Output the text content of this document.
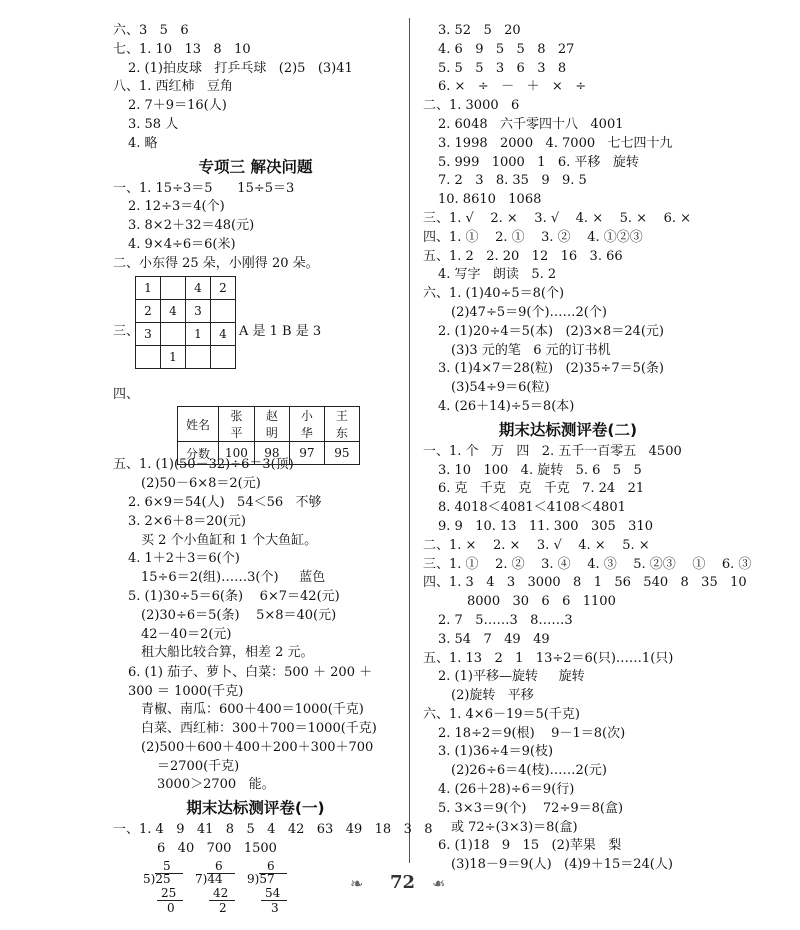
六、3   5   6
七、1. 10   13   8   10
2. (1)拍皮球   打乒乓球   (2)5   (3)41
八、1. 西红柿   豆角
2. 7＋9＝16(人)
3. 58 人
4. 略
专项三 解决问题
一、1. 15÷3＝5      15÷5＝3
2. 12÷3＝4(个)
3. 8×2＋32＝48(元)
4. 9×4÷6＝6(米)
二、小东得 25 朵，小刚得 20 朵。
三、
1		4	2
2	4	3	
3		1	4
	1		
A 是 1 B 是 3
四、
姓名	张平	赵明	小华	王东
分数	100	98	97	95
五、1. (1)(50－32)÷6＝3(顶)
(2)50－6×8＝2(元)
2. 6×9＝54(人)   54＜56   不够
3. 2×6＋8＝20(元)
买 2 个小鱼缸和 1 个大鱼缸。
4. 1＋2＋3＝6(个)
15÷6＝2(组)……3(个)     蓝色
5. (1)30÷5＝6(条)    6×7＝42(元)
(2)30÷6＝5(条)    5×8＝40(元)
42－40＝2(元)
租大船比较合算，相差 2 元。
6. (1) 茄子、萝卜、白菜：500 ＋ 200 ＋ 300 ＝ 1000(千克)
青椒、南瓜：600＋400＝1000(千克)
白菜、西红柿：300＋700＝1000(千克)
(2)500＋600＋400＋200＋300＋700
＝2700(千克)
3000＞2700   能。
期末达标测评卷(一)
一、1. 4   9   41   8   5   4   42   63   49   18   3   8
6   40   700   1500
5
5)25
25
0
6
7)44
42
2
6
9)57
54
3
3. 52   5   20
4. 6   9   5   5   8   27
5. 5   5   3   6   3   8
6. ×   ÷   －   ＋   ×   ÷
二、1. 3000   6
2. 6048   六千零四十八   4001
3. 1998   2000   4. 7000   七七四十九
5. 999   1000   1   6. 平移   旋转
7. 2   3   8. 35   9   9. 5
10. 8610   1068
三、1. √    2. ×    3. √    4. ×    5. ×    6. ×
四、1. ①    2. ①    3. ②    4. ①②③
五、1. 2   2. 20   12   16   3. 66
4. 写字   朗读   5. 2
六、1. (1)40÷5＝8(个)
(2)47÷5＝9(个)……2(个)
2. (1)20÷4＝5(本)   (2)3×8＝24(元)
(3)3 元的笔   6 元的订书机
3. (1)4×7＝28(粒)   (2)35÷7＝5(条)
(3)54÷9＝6(粒)
4. (26＋14)÷5＝8(本)
期末达标测评卷(二)
一、1. 个   万   四   2. 五千一百零五   4500
3. 10   100   4. 旋转   5. 6   5   5
6. 克   千克   克   千克   7. 24   21
8. 4018＜4081＜4108＜4801
9. 9   10. 13   11. 300   305   310
二、1. ×    2. ×    3. √    4. ×    5. ×
三、1. ①    2. ②    3. ④    4. ③    5. ②③    ①    6. ③
四、1. 3   4   3   3000   8   1   56   540   8   35   10
8000   30   6   6   1100
2. 7   5……3   8……3
3. 54   7   49   49
五、1. 13   2   1   13÷2＝6(只)……1(只)
2. (1)平移—旋转     旋转
(2)旋转   平移
六、1. 4×6－19＝5(千克)
2. 18÷2＝9(根)    9－1＝8(次)
3. (1)36÷4＝9(枝)
(2)26÷6＝4(枝)……2(元)
4. (26＋28)÷6＝9(行)
5. 3×3＝9(个)    72÷9＝8(盒)
或 72÷(3×3)＝8(盒)
6. (1)18   9   15   (2)苹果   梨
(3)18－9＝9(人)   (4)9＋15＝24(人)
❧ 72 ❧
